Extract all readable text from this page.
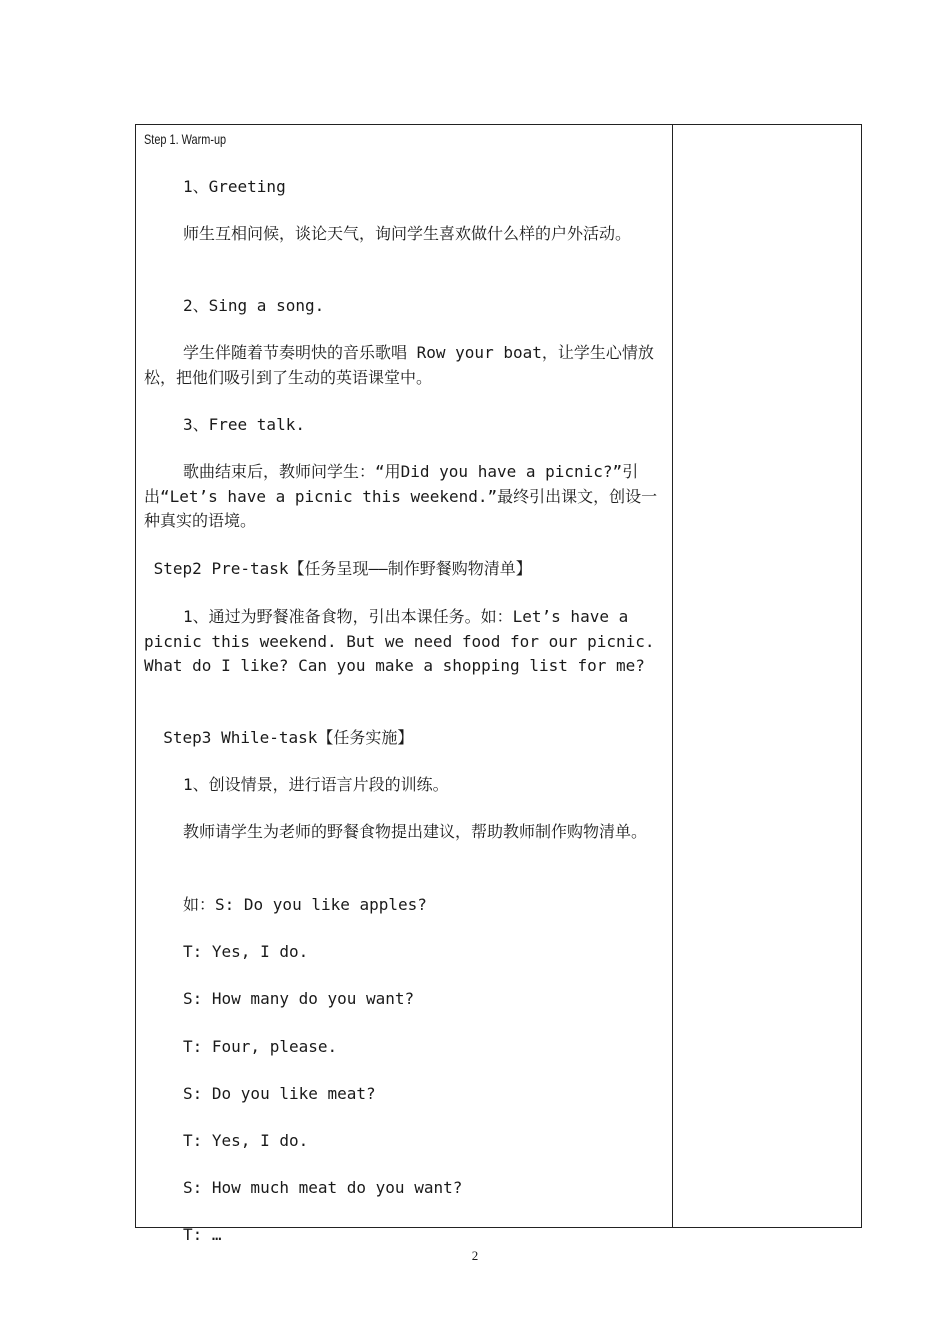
Step 1. Warm-up
1、Greeting
师生互相问候，谈论天气，询问学生喜欢做什么样的户外活动。
2、Sing a song.
学生伴随着节奏明快的音乐歌唱 Row your boat，让学生心情放松，把他们吸引到了生动的英语课堂中。
3、Free talk.
歌曲结束后，教师问学生：“用Did you have a picnic?”引出“Let’s have a picnic this weekend.”最终引出课文，创设一种真实的语境。
Step2 Pre-task【任务呈现——制作野餐购物清单】
1、通过为野餐准备食物，引出本课任务。如：Let’s have a picnic this weekend. But we need food for our picnic. What do I like? Can you make a shopping list for me?
Step3 While-task【任务实施】
1、创设情景，进行语言片段的训练。
教师请学生为老师的野餐食物提出建议，帮助教师制作购物清单。
如：S: Do you like apples?
T: Yes, I do.
S: How many do you want?
T: Four, please.
S: Do you like meat?
T: Yes, I do.
S: How much meat do you want?
T: …
2
